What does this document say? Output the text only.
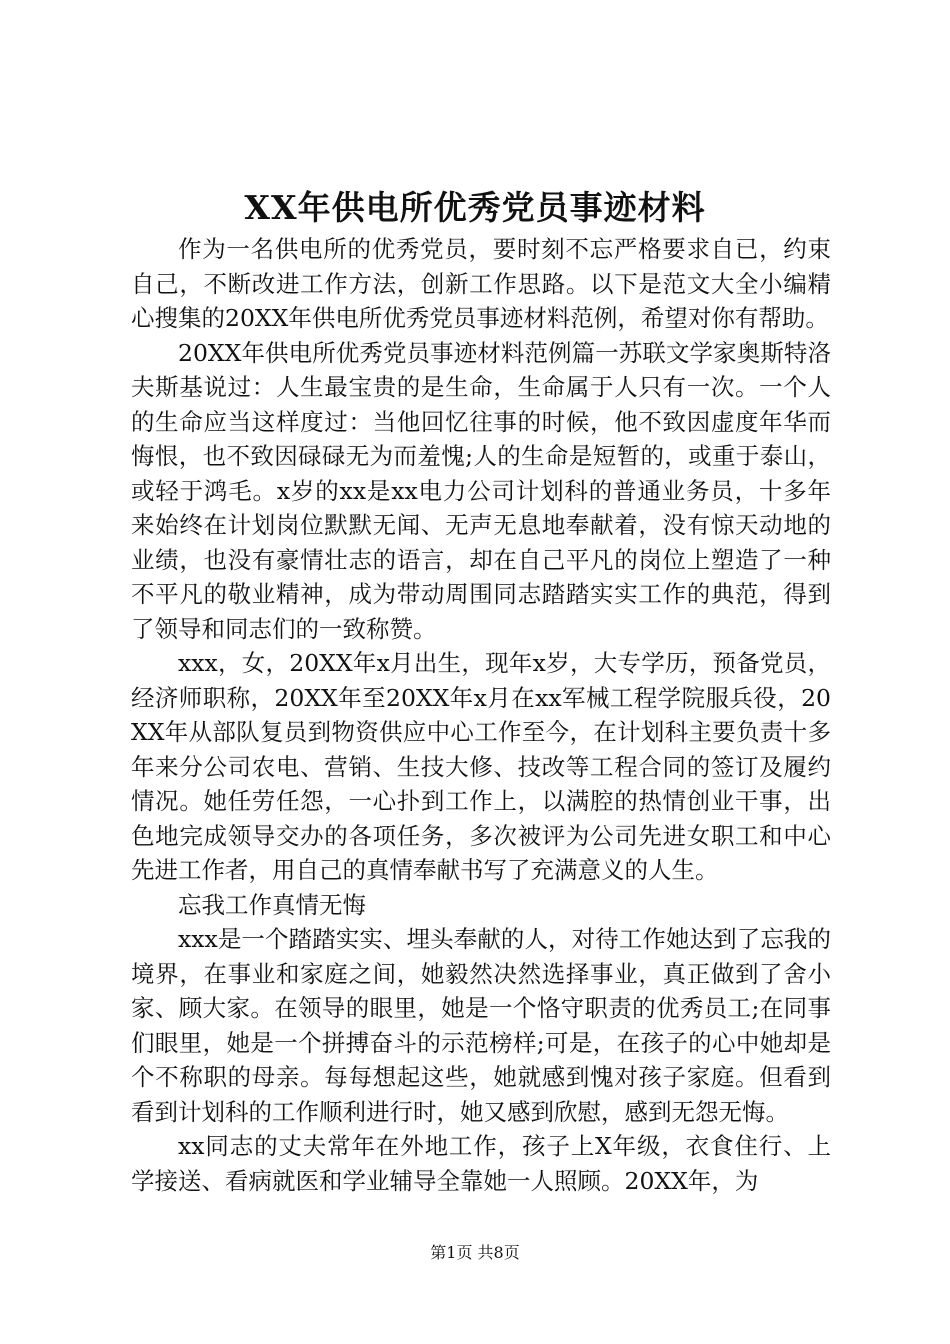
XX年供电所优秀党员事迹材料

作为一名供电所的优秀党员，要时刻不忘严格要求自已，约束自己，不断改进工作方法，创新工作思路。以下是范文大全小编精心搜集的20XX年供电所优秀党员事迹材料范例，希望对你有帮助。

20XX年供电所优秀党员事迹材料范例篇一苏联文学家奥斯特洛夫斯基说过：人生最宝贵的是生命，生命属于人只有一次。一个人的生命应当这样度过：当他回忆往事的时候，他不致因虚度年华而悔恨，也不致因碌碌无为而羞愧;人的生命是短暂的，或重于泰山，或轻于鸿毛。x岁的xx是xx电力公司计划科的普通业务员，十多年来始终在计划岗位默默无闻、无声无息地奉献着，没有惊天动地的业绩，也没有豪情壮志的语言，却在自己平凡的岗位上塑造了一种不平凡的敬业精神，成为带动周围同志踏踏实实工作的典范，得到了领导和同志们的一致称赞。

xxx，女，20XX年x月出生，现年x岁，大专学历，预备党员，经济师职称，20XX年至20XX年x月在xx军械工程学院服兵役，20XX年从部队复员到物资供应中心工作至今，在计划科主要负责十多年来分公司农电、营销、生技大修、技改等工程合同的签订及履约情况。她任劳任怨，一心扑到工作上，以满腔的热情创业干事，出色地完成领导交办的各项任务，多次被评为公司先进女职工和中心先进工作者，用自己的真情奉献书写了充满意义的人生。

忘我工作真情无悔

xxx是一个踏踏实实、埋头奉献的人，对待工作她达到了忘我的境界，在事业和家庭之间，她毅然决然选择事业，真正做到了舍小家、顾大家。在领导的眼里，她是一个恪守职责的优秀员工;在同事们眼里，她是一个拼搏奋斗的示范榜样;可是，在孩子的心中她却是个不称职的母亲。每每想起这些，她就感到愧对孩子家庭。但看到看到计划科的工作顺利进行时，她又感到欣慰，感到无怨无悔。

xx同志的丈夫常年在外地工作，孩子上X年级，衣食住行、上学接送、看病就医和学业辅导全靠她一人照顾。20XX年，为

第1页 共8页
